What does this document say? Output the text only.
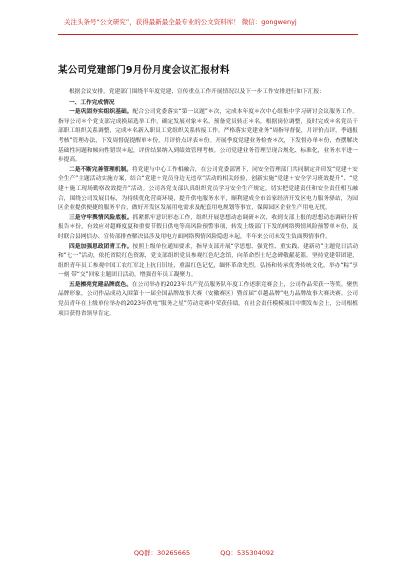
关注头条号“公文研究”，获得最新最全最专业的公文资料库！ 微信：gongwenyj
某公司党建部门9月份月度会议汇报材料

根据会议安排，党建部门围绕半年度党建、宣传重点工作开展情况以及下一步工作安排进行如下汇报：

一、工作完成情况

一是巩固夯实组织基础。配合公司党委落实“第一议题”＊次，完成本年度＊次中心组集中学习研讨会议服务工作。指导公司＊个党支部完成换届选举工作，确定发展对象＊名、预备党员转正＊名，根据岗位调整，及时完成＊名党员干部职工组织关系调整，完成＊名新入职员工党组织关系转接工作。严格落实党建业务“周指导督促，月评价点评，季通报考核”管理办法，下发周督促提醒单＊份，月评价点评表＊份。开展季度党建业务检查＊次，下发督办单＊份，查摆解决基础性问题和倾向性错误＊起，评价结果纳入到绩效管理考核。公司党建业务管理呈现合规化、标准化，业务水平进一步提高。

二是不断完善管理机制。将党建与中心工作相融合，在公司党委部署下，同安全管理部门共同制定并印发“党建＋安全生产”主题活动实施方案，结合“党建＋党员身边无违章”活动的相关经验，创新实施“党建＋安全学习班效提升”、“党建＋施工现场勤察改效提升”活动。公司各党支部认真组织党员学习安全生产规定，切实把党建责任和安全责任相互融合，围绕公司发展目标，为持续优化营商环境，提升供电服务水平，顺利建成全市首家经济开发区电力服务驿站，为园区企业提供便捷的服务平台，做好开发区发展用电需求及配套用电规划等事宜，保障园区企业生产用电无忧。

三是守牢舆情风险底板。抓紧抓牢意识形态工作，组织开展思想动态调研＊次，收到支部上报的思想动态调研分析报告＊份，有效应对超峰度夏和重要节假日供电等高风险预警事项，转发上级部门下发的网络舆情风险预警单＊份，及时联合县网信办、宣传部排查解决县涉及用电方面网络舆情风险隐患＊起，半年来公司未发生负面舆情事件。

四是加强思政团青工作。按照上级单位通知要求，指导支部开展“学思想、强党性、重实践、建新功”主题党日活动和“七一”活动，依托省院红色资源，党支部组织党员参观红色纪念馆，向革命烈士纪念碑敬献花篮。坚持党建带团建，组织青年员工参观中国工农红军北上抗日旧址，重温红色记忆，缅怀革命先烈，弘扬和传承优秀传统文化。举办“粽”享一刻 带“交”回家主题团日活动，增强青年员工凝聚力。

五是擦亮党建品牌底色。在公司举办的2023年共产党员服务队年度工作述职竞赛会上，公司作品荣获一等奖。聚焦品牌形象，公司作品成功入围第十一届全国品牌故事大赛（安徽赛区）暨首届“卓越品牌”电力品牌故事大赛决赛。公司党员青年在上级单位举办的2023年供电“服务之星”劳动竞赛中荣获佳绩，在社会责任模模项目中期发布会上，公司根植项目获得省领导肯定。

QQ群：30265665	QQ：535304092
